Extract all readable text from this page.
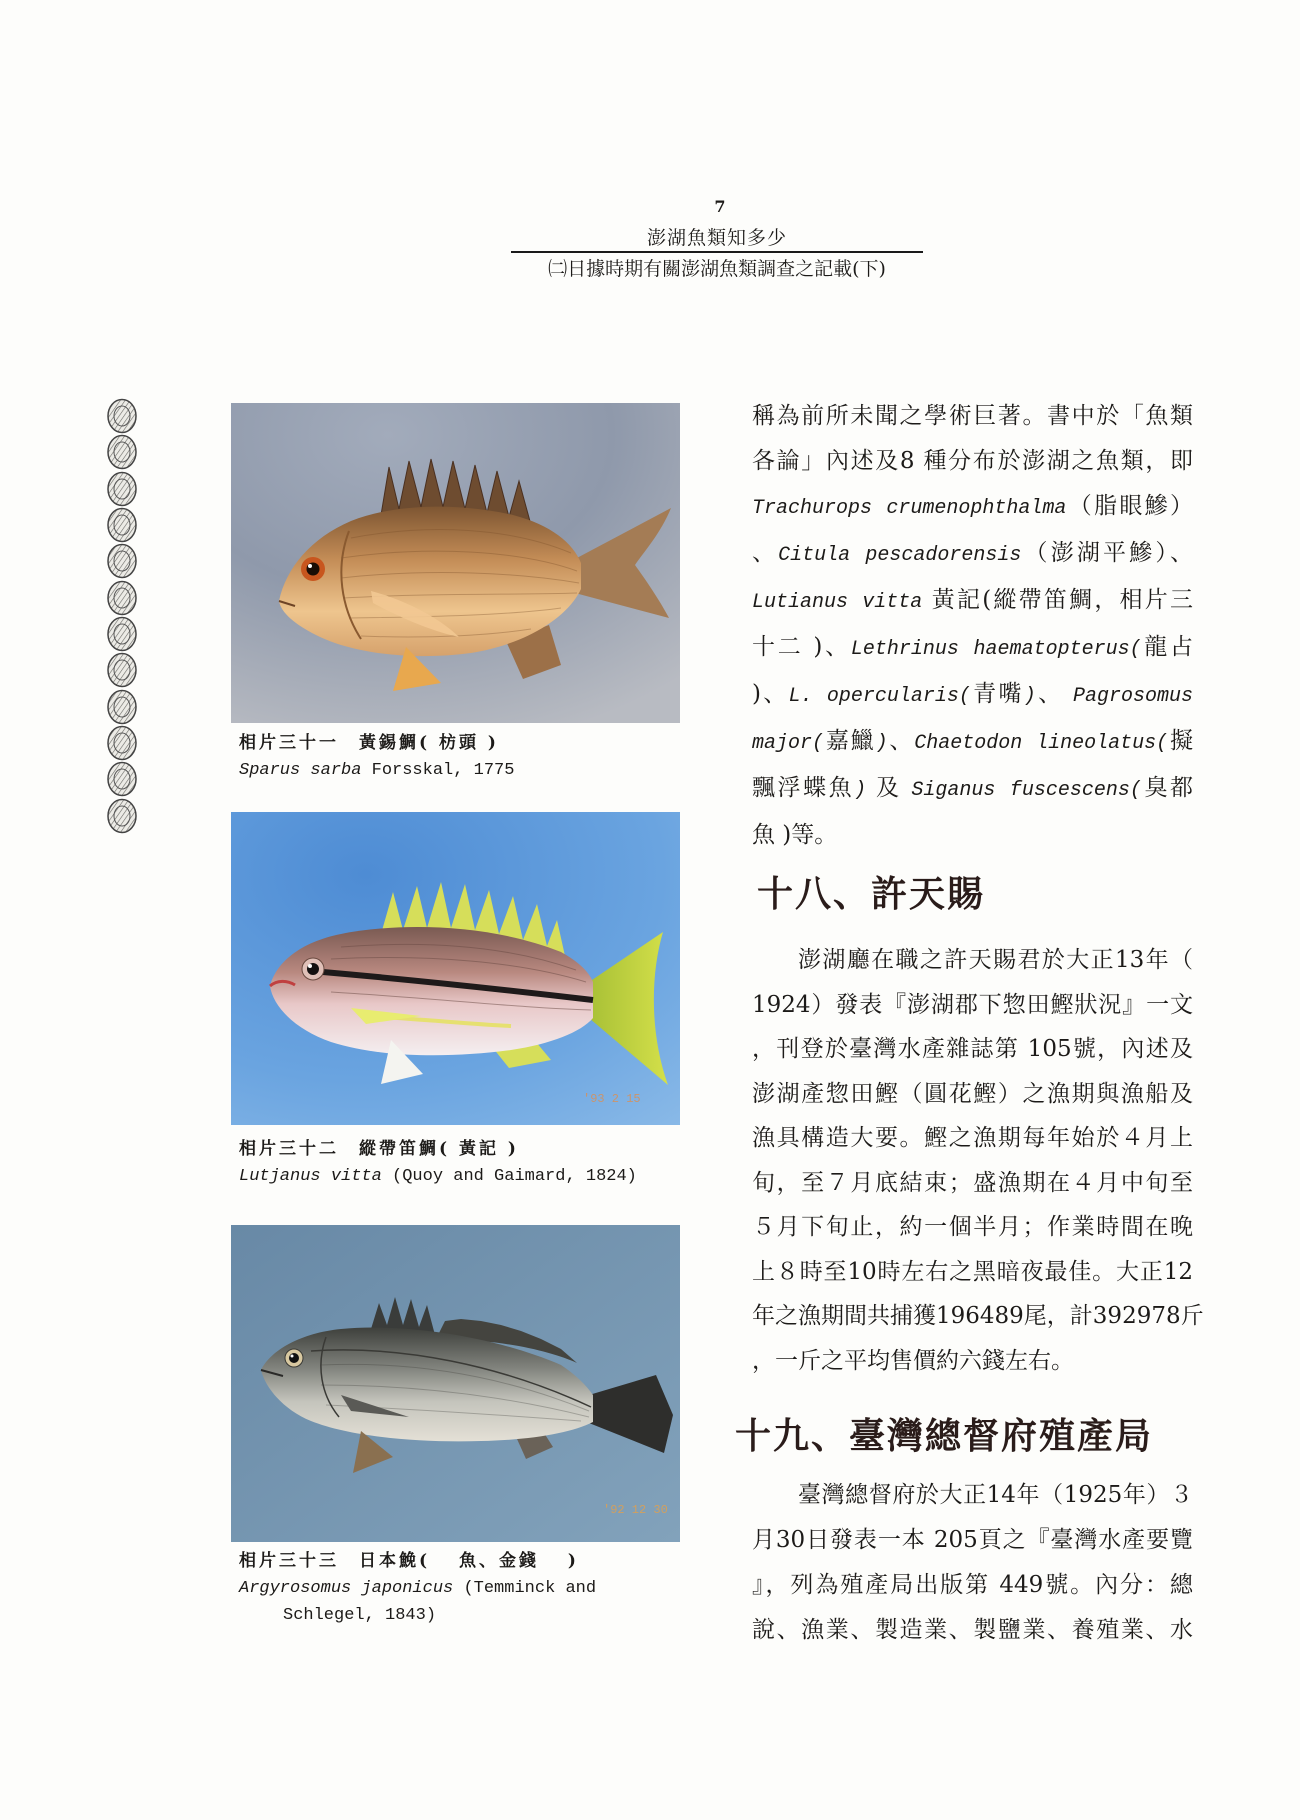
7
澎湖魚類知多少
㈡日據時期有關澎湖魚類調查之記載(下)
相片三十一　黃錫鯛( 枋頭 )
Sparus sarba Forsskal, 1775
'93 2 15
相片三十二　縱帶笛鯛( 黃記 )
Lutjanus vitta (Quoy and Gaimard, 1824)
'92 12 30
相片三十三　日本鮸(　 魚、金錢　 )
Argyrosomus japonicus (Temminck and
Schlegel, 1843)
稱為前所未聞之學術巨著。書中於「魚類
各論」內述及8 種分布於澎湖之魚類，即
Trachurops crumenophthalma（脂眼鰺）
、Citula pescadorensis（澎湖平鰺）、
Lutianus vitta 黃記(縱帶笛鯛，相片三
十二 )、Lethrinus haematopterus(龍占
)、L. opercularis(青嘴)、 Pagrosomus
major(嘉鱲)、Chaetodon lineolatus(擬
飄浮蝶魚) 及 Siganus fuscescens(臭都
魚 )等。
十八、許天賜
澎湖廳在職之許天賜君於大正13年（
1924）發表『澎湖郡下惣田鰹狀況』一文
，刊登於臺灣水產雜誌第 105號，內述及
澎湖產惣田鰹（圓花鰹）之漁期與漁船及
漁具構造大要。鰹之漁期每年始於４月上
旬，至７月底結束；盛漁期在４月中旬至
５月下旬止，約一個半月；作業時間在晚
上８時至10時左右之黑暗夜最佳。大正12
年之漁期間共捕獲196489尾，計392978斤
，一斤之平均售價約六錢左右。
十九、臺灣總督府殖產局
臺灣總督府於大正14年（1925年）３
月30日發表一本 205頁之『臺灣水產要覽
』，列為殖產局出版第 449號。內分：總
說、漁業、製造業、製鹽業、養殖業、水
